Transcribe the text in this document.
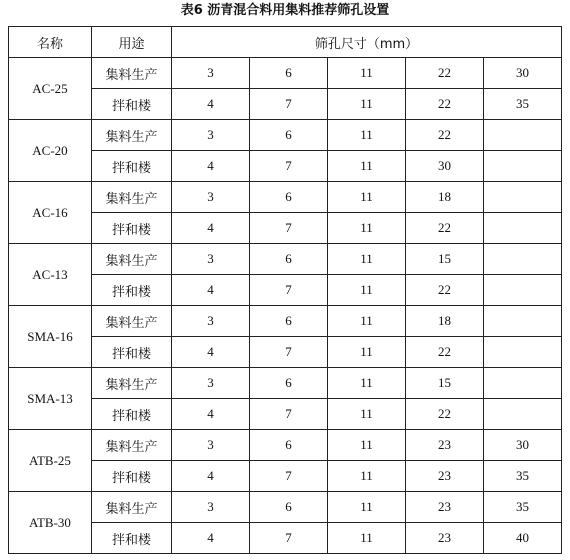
表6 沥青混合料用集料推荐筛孔设置
名称	用途	筛孔尺寸（mm）				
AC-25	集料生产	3	6	11	22	30
	拌和楼	4	7	11	22	35
AC-20	集料生产	3	6	11	22	
	拌和楼	4	7	11	30	
AC-16	集料生产	3	6	11	18	
	拌和楼	4	7	11	22	
AC-13	集料生产	3	6	11	15	
	拌和楼	4	7	11	22	
SMA-16	集料生产	3	6	11	18	
	拌和楼	4	7	11	22	
SMA-13	集料生产	3	6	11	15	
	拌和楼	4	7	11	22	
ATB-25	集料生产	3	6	11	23	30
	拌和楼	4	7	11	23	35
ATB-30	集料生产	3	6	11	23	35
	拌和楼	4	7	11	23	40
